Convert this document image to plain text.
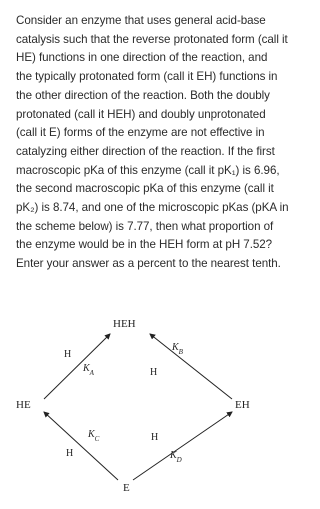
Consider an enzyme that uses general acid-base

catalysis such that the reverse protonated form (call it

HE) functions in one direction of the reaction, and

the typically protonated form (call it EH) functions in

the other direction of the reaction. Both the doubly

protonated (call it HEH) and doubly unprotonated

(call it E) forms of the enzyme are not effective in

catalyzing either direction of the reaction. If the first

macroscopic pKa of this enzyme (call it pK₁) is 6.96,

the second macroscopic pKa of this enzyme (call it

pK₂) is 8.74, and one of the microscopic pKas (pKA in

the scheme below) is 7.77, then what proportion of

the enzyme would be in the HEH form at pH 7.52?

Enter your answer as a percent to the nearest tenth.

HEH
HE	EH
E
H
H
H
H
$K_A$
$K_B$
$K_C$
$K_D$
